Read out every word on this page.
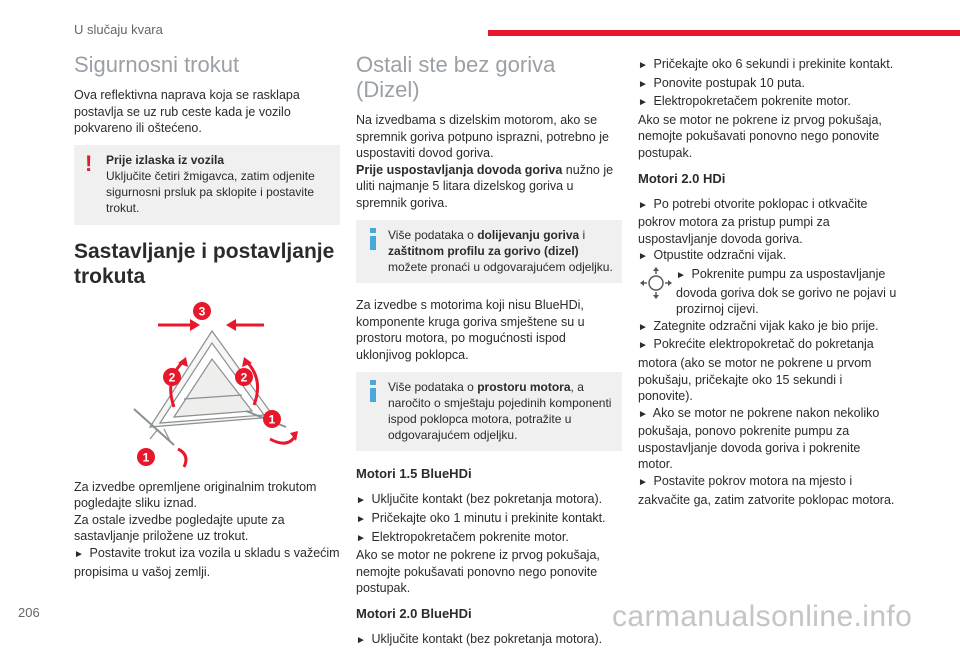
U slučaju kvara
Sigurnosni trokut

Ova reflektivna naprava koja se rasklapa postavlja se uz rub ceste kada je vozilo pokvareno ili oštećeno.

!	Prije izlaska iz vozila

Uključite četiri žmigavca, zatim odjenite sigurnosni prsluk pa sklopite i postavite trokut.

Sastavljanje i postavljanje trokuta
3
2	2
1
1

Za izvedbe opremljene originalnim trokutom pogledajte sliku iznad.

Za ostale izvedbe pogledajte upute za sastavljanje priložene uz trokut.

► Postavite trokut iza vozila u skladu s važećim propisima u vašoj zemlji.

Ostali ste bez goriva (Dizel)

Na izvedbama s dizelskim motorom, ako se spremnik goriva potpuno isprazni, potrebno je uspostaviti dovod goriva.

Prije uspostavljanja dovoda goriva nužno je uliti najmanje 5 litara dizelskog goriva u spremnik goriva.

Više podataka o dolijevanju goriva i zaštitnom profilu za gorivo (dizel) možete pronaći u odgovarajućem odjeljku.

Za izvedbe s motorima koji nisu BlueHDi, komponente kruga goriva smještene su u prostoru motora, po mogućnosti ispod uklonjivog poklopca.

Više podataka o prostoru motora, a naročito o smještaju pojedinih komponenti ispod poklopca motora, potražite u odgovarajućem odjeljku.

Motori 1.5 BlueHDi

► Uključite kontakt (bez pokretanja motora).

► Pričekajte oko 1 minutu i prekinite kontakt.

► Elektropokretačem pokrenite motor.

Ako se motor ne pokrene iz prvog pokušaja, nemojte pokušavati ponovno nego ponovite postupak.

Motori 2.0 BlueHDi

► Uključite kontakt (bez pokretanja motora).

► Pričekajte oko 6 sekundi i prekinite kontakt.

► Ponovite postupak 10 puta.

► Elektropokretačem pokrenite motor.

Ako se motor ne pokrene iz prvog pokušaja, nemojte pokušavati ponovno nego ponovite postupak.

Motori 2.0 HDi

► Po potrebi otvorite poklopac i otkvačite pokrov motora za pristup pumpi za uspostavljanje dovoda goriva.

► Otpustite odzračni vijak.

► Pokrenite pumpu za uspostavljanje dovoda goriva dok se gorivo ne pojavi u prozirnoj cijevi.

► Zategnite odzračni vijak kako je bio prije.

► Pokrećite elektropokretač do pokretanja motora (ako se motor ne pokrene u prvom pokušaju, pričekajte oko 15 sekundi i ponovite).

► Ako se motor ne pokrene nakon nekoliko pokušaja, ponovo pokrenite pumpu za uspostavljanje dovoda goriva i pokrenite motor.

► Postavite pokrov motora na mjesto i zakvačite ga, zatim zatvorite poklopac motora.

206	carmanualsonline.info
